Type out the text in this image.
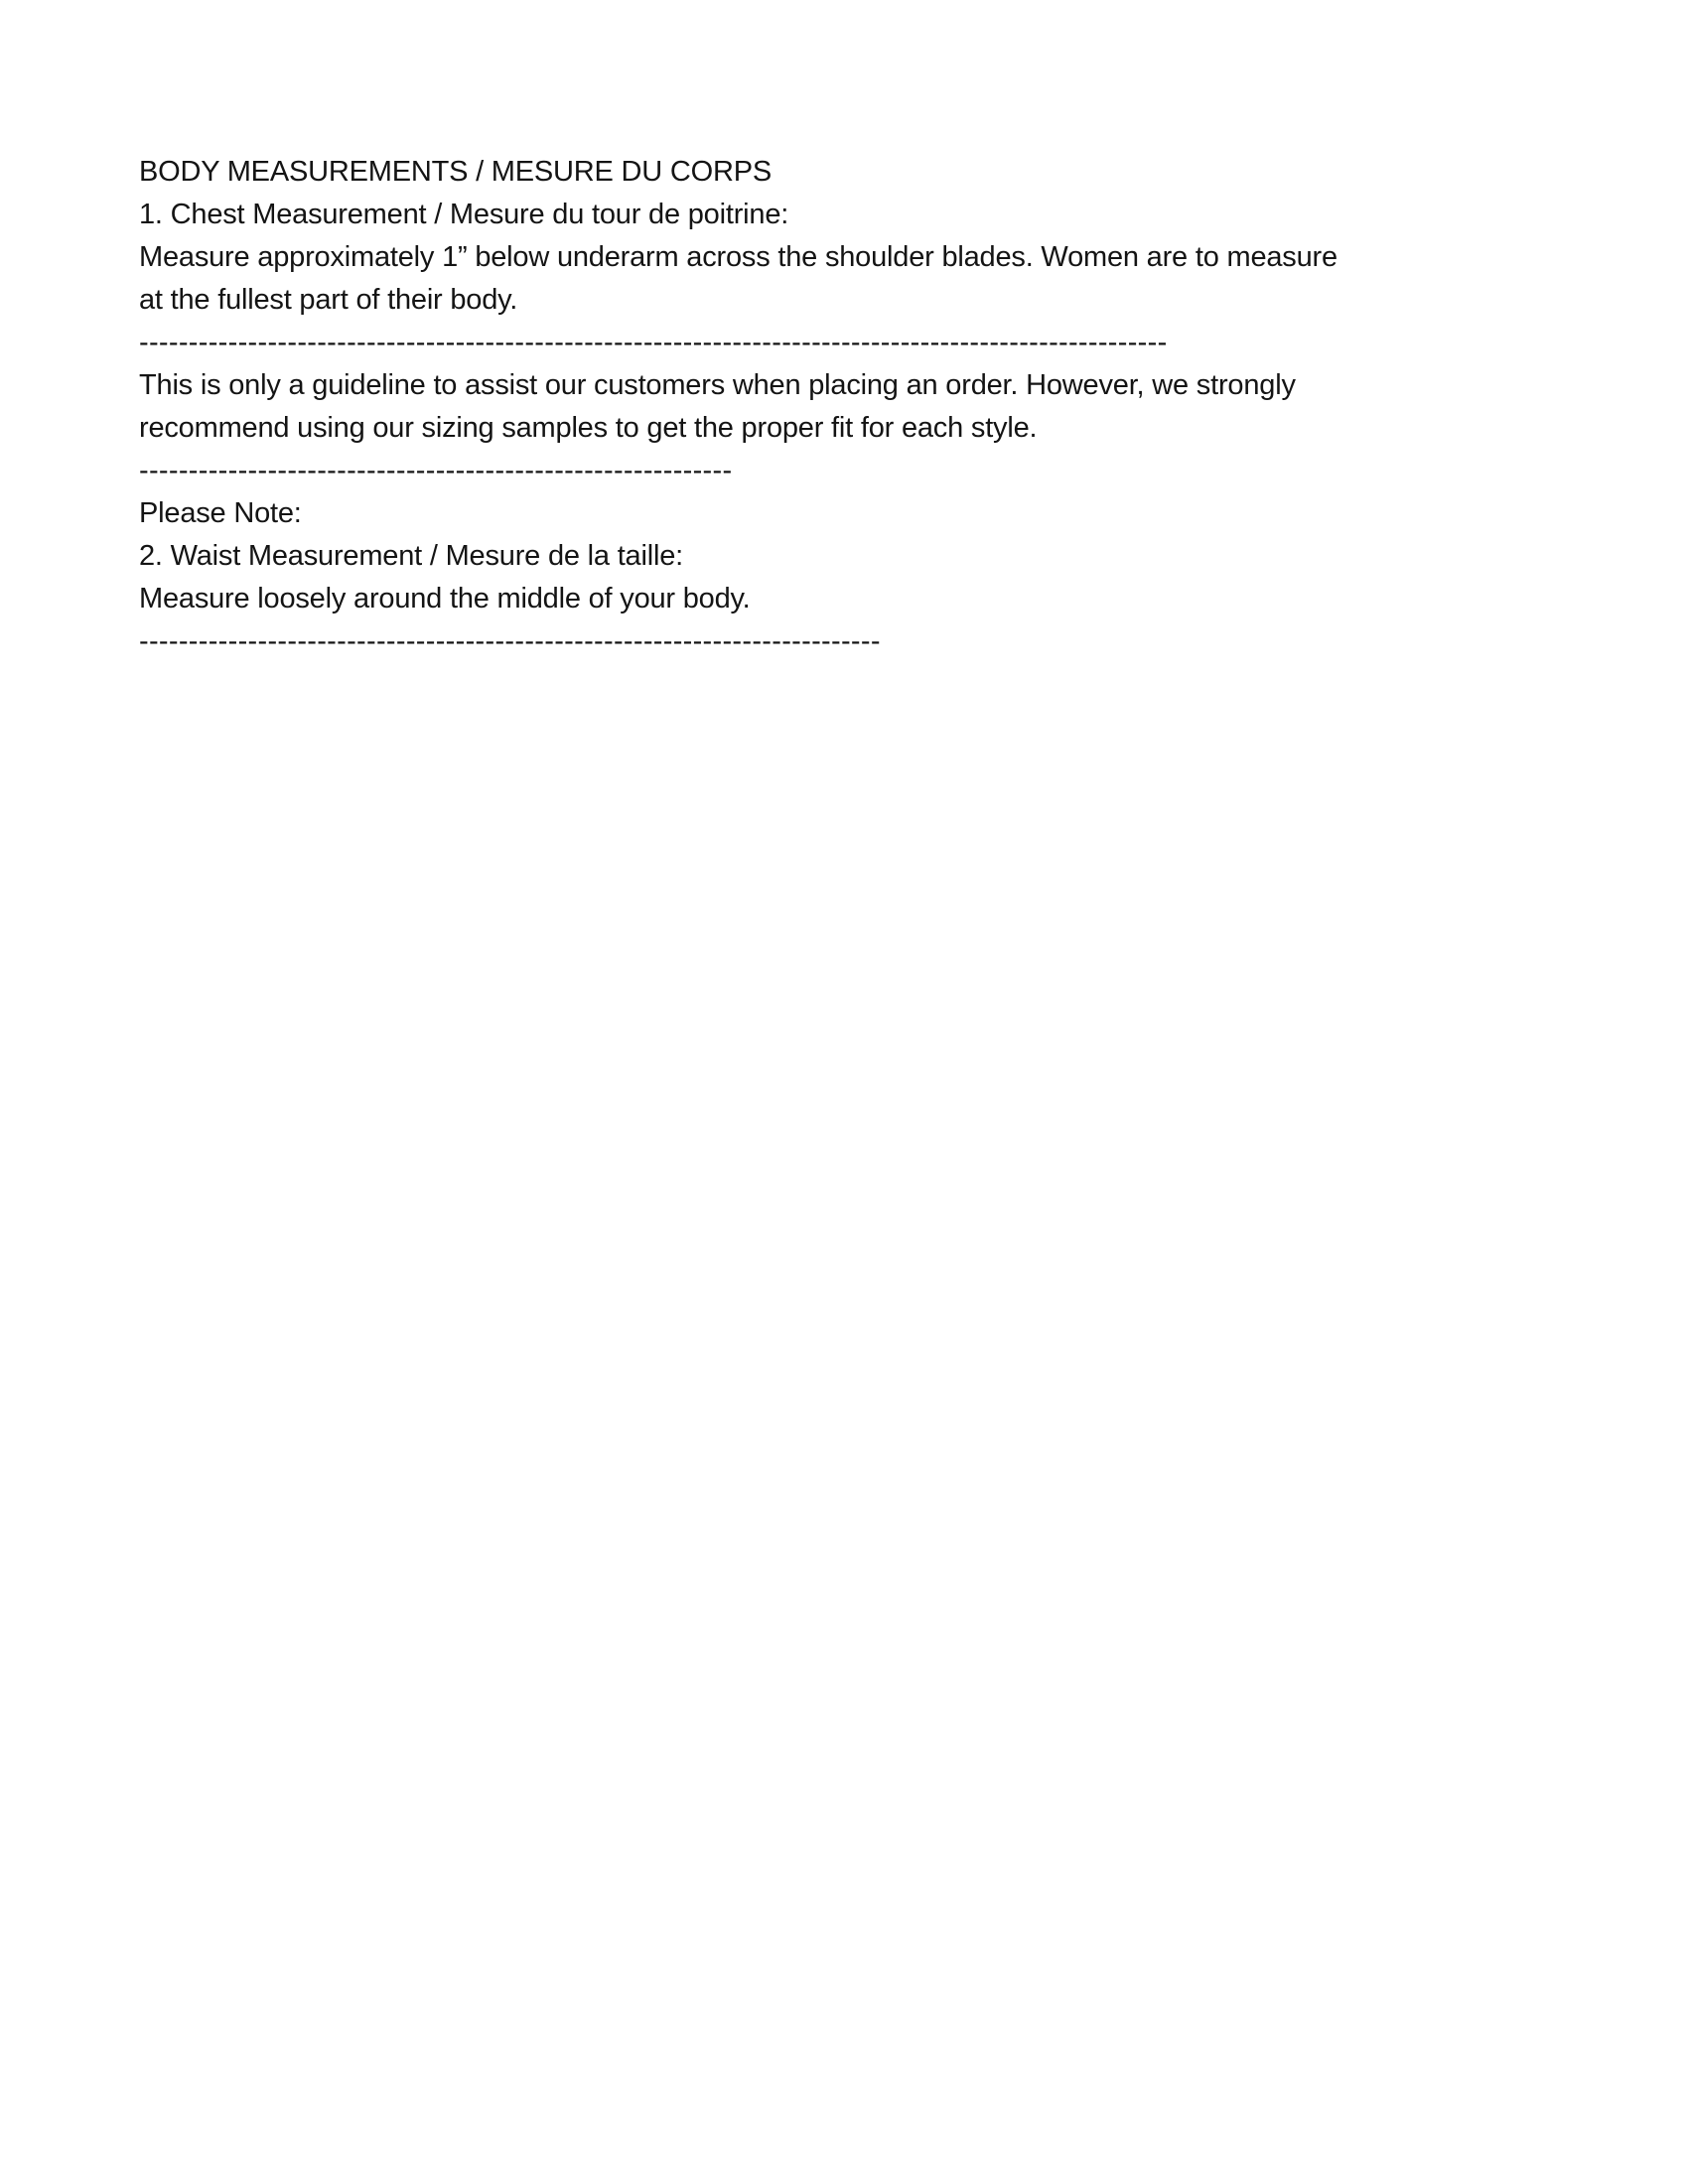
BODY MEASUREMENTS / MESURE DU CORPS

1. Chest Measurement / Mesure du tour de poitrine:

Measure approximately 1” below underarm across the shoulder blades. Women are to measure

at the fullest part of their body.

--------------------------------------------------------------------------------------------------------

This is only a guideline to assist our customers when placing an order. However, we strongly

recommend using our sizing samples to get the proper fit for each style.

------------------------------------------------------------

Please Note:

2. Waist Measurement / Mesure de la taille:

Measure loosely around the middle of your body.

---------------------------------------------------------------------------
